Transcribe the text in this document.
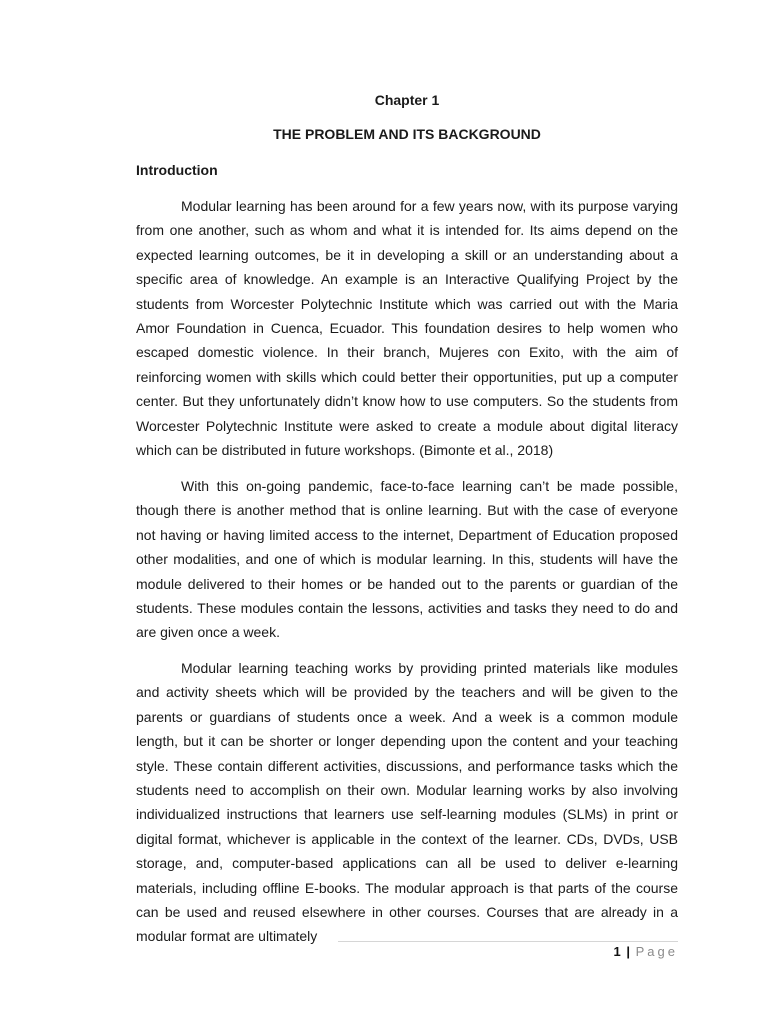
Chapter 1
THE PROBLEM AND ITS BACKGROUND
Introduction

Modular learning has been around for a few years now, with its purpose varying from one another, such as whom and what it is intended for. Its aims depend on the expected learning outcomes, be it in developing a skill or an understanding about a specific area of knowledge. An example is an Interactive Qualifying Project by the students from Worcester Polytechnic Institute which was carried out with the Maria Amor Foundation in Cuenca, Ecuador. This foundation desires to help women who escaped domestic violence. In their branch, Mujeres con Exito, with the aim of reinforcing women with skills which could better their opportunities, put up a computer center. But they unfortunately didn’t know how to use computers. So the students from Worcester Polytechnic Institute were asked to create a module about digital literacy which can be distributed in future workshops. (Bimonte et al., 2018)

With this on-going pandemic, face-to-face learning can’t be made possible, though there is another method that is online learning. But with the case of everyone not having or having limited access to the internet, Department of Education proposed other modalities, and one of which is modular learning. In this, students will have the module delivered to their homes or be handed out to the parents or guardian of the students. These modules contain the lessons, activities and tasks they need to do and are given once a week.

Modular learning teaching works by providing printed materials like modules and activity sheets which will be provided by the teachers and will be given to the parents or guardians of students once a week. And a week is a common module length, but it can be shorter or longer depending upon the content and your teaching style. These contain different activities, discussions, and performance tasks which the students need to accomplish on their own. Modular learning works by also involving individualized instructions that learners use self-learning modules (SLMs) in print or digital format, whichever is applicable in the context of the learner. CDs, DVDs, USB storage, and, computer-based applications can all be used to deliver e-learning materials, including offline E-books. The modular approach is that parts of the course can be used and reused elsewhere in other courses. Courses that are already in a modular format are ultimately

1 | Page
